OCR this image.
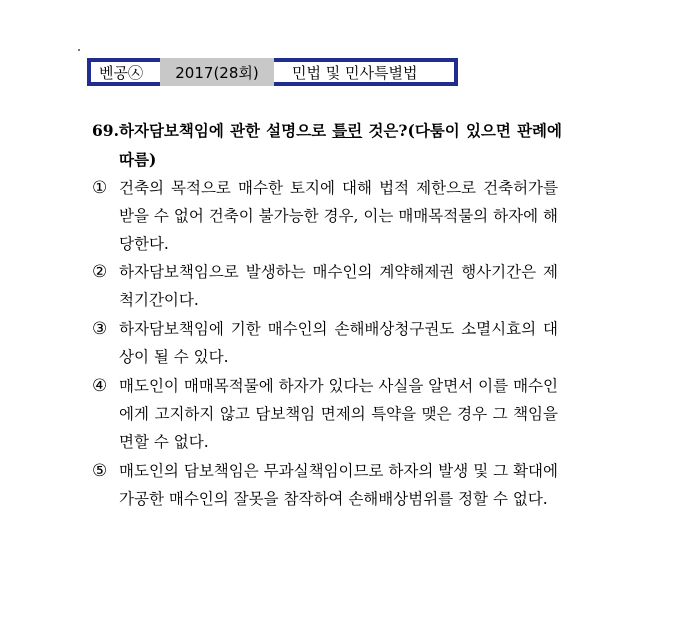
벤공㉦	2017(28회)	민법 및 민사특별법
69. 하자담보책임에 관한 설명으로 틀린 것은?(다툼이 있으면 판례에 따름)
① 건축의 목적으로 매수한 토지에 대해 법적 제한으로 건축허가를 받을 수 없어 건축이 불가능한 경우, 이는 매매목적물의 하자에 해당한다.
② 하자담보책임으로 발생하는 매수인의 계약해제권 행사기간은 제척기간이다.
③ 하자담보책임에 기한 매수인의 손해배상청구권도 소멸시효의 대상이 될 수 있다.
④ 매도인이 매매목적물에 하자가 있다는 사실을 알면서 이를 매수인에게 고지하지 않고 담보책임 면제의 특약을 맺은 경우 그 책임을 면할 수 없다.
⑤ 매도인의 담보책임은 무과실책임이므로 하자의 발생 및 그 확대에 가공한 매수인의 잘못을 참작하여 손해배상범위를 정할 수 없다.
